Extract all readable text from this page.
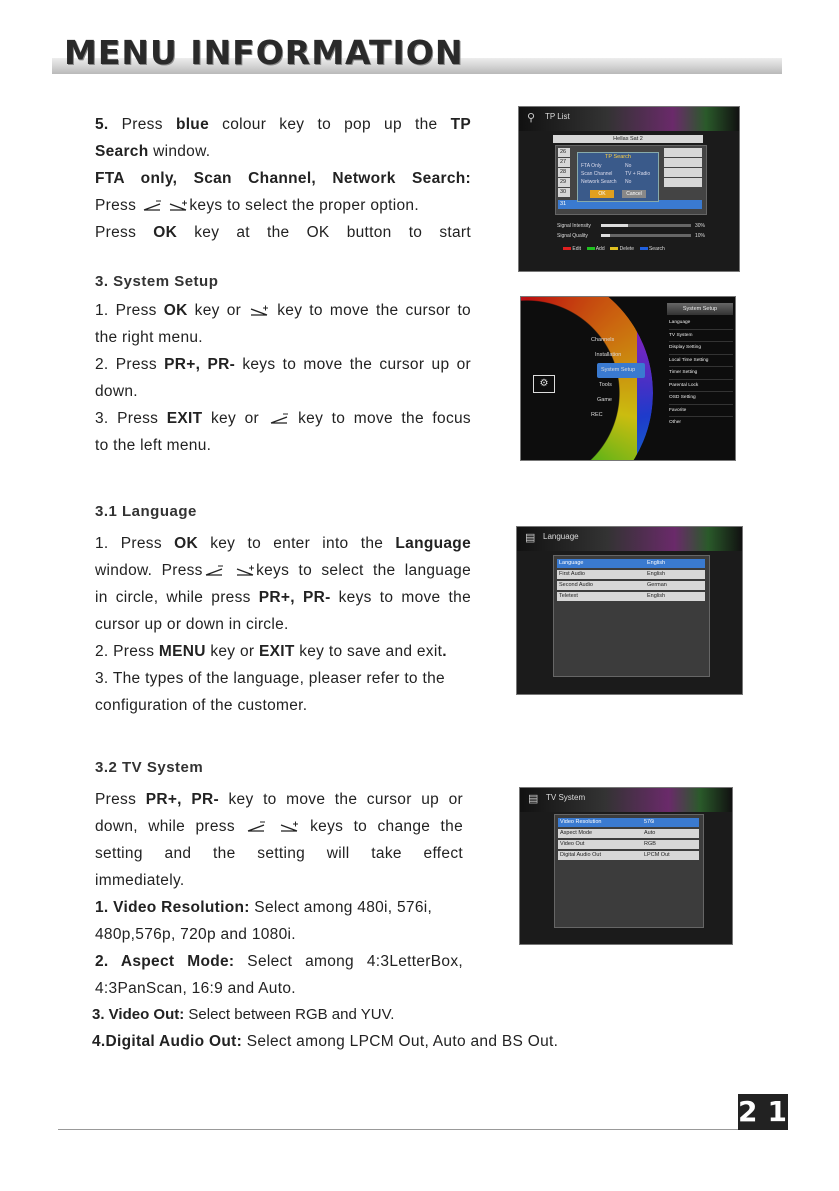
MENU INFORMATION

5. Press blue colour key to pop up the TP

Search window.

FTA only, Scan Channel, Network Search:

Press
	keys to select the proper option.

Press OK key at the OK button to start

⚲ TP List
Hellas Sat 2
26
27
28
29
30
31
TP Search
FTA Only	No
Scan Channel	TV + Radio
Network Search No
OK	Cancel
Signal Intensity	30%
Signal Quality	10%
Edit	Add	Delete	Search
3. System Setup

1. Press OK key or
key to move the cursor to

the right menu.

2. Press PR+, PR- keys to move the cursor up or

down.

3. Press EXIT key or
key to move the focus

to the left menu.

⚙
Channels
Installation
System Setup
Tools
Game
REC
System Setup
Language
TV System
Display Setting
Local Time Setting
Timer Setting
Parental Lock
OSD Setting
Favorite
Other
3.1 Language

1. Press OK key to enter into the Language

window. Press
	keys to select the language

in circle, while press PR+, PR- keys to move the

cursor up or down in circle.

2. Press MENU key or EXIT key to save and exit.

3. The types of the language, pleaser refer to the

configuration of the customer.

▤ Language
Language	English
First Audio	English
Second Audio	German
Teletext	English
3.2 TV System

Press PR+, PR- key to move the cursor up or

down, while press
	keys to change the

setting and the setting will take effect

immediately.

1. Video Resolution: Select among 480i, 576i,

480p,576p, 720p and 1080i.

2. Aspect Mode: Select among 4:3LetterBox,

4:3PanScan, 16:9 and Auto.

3. Video Out: Select between RGB and YUV.

4.Digital Audio Out: Select among LPCM Out, Auto and BS Out.

▤ TV System
Video Resolution	576i
Aspect Mode	Auto
Video Out	RGB
Digital Audio Out	LPCM Out
21
